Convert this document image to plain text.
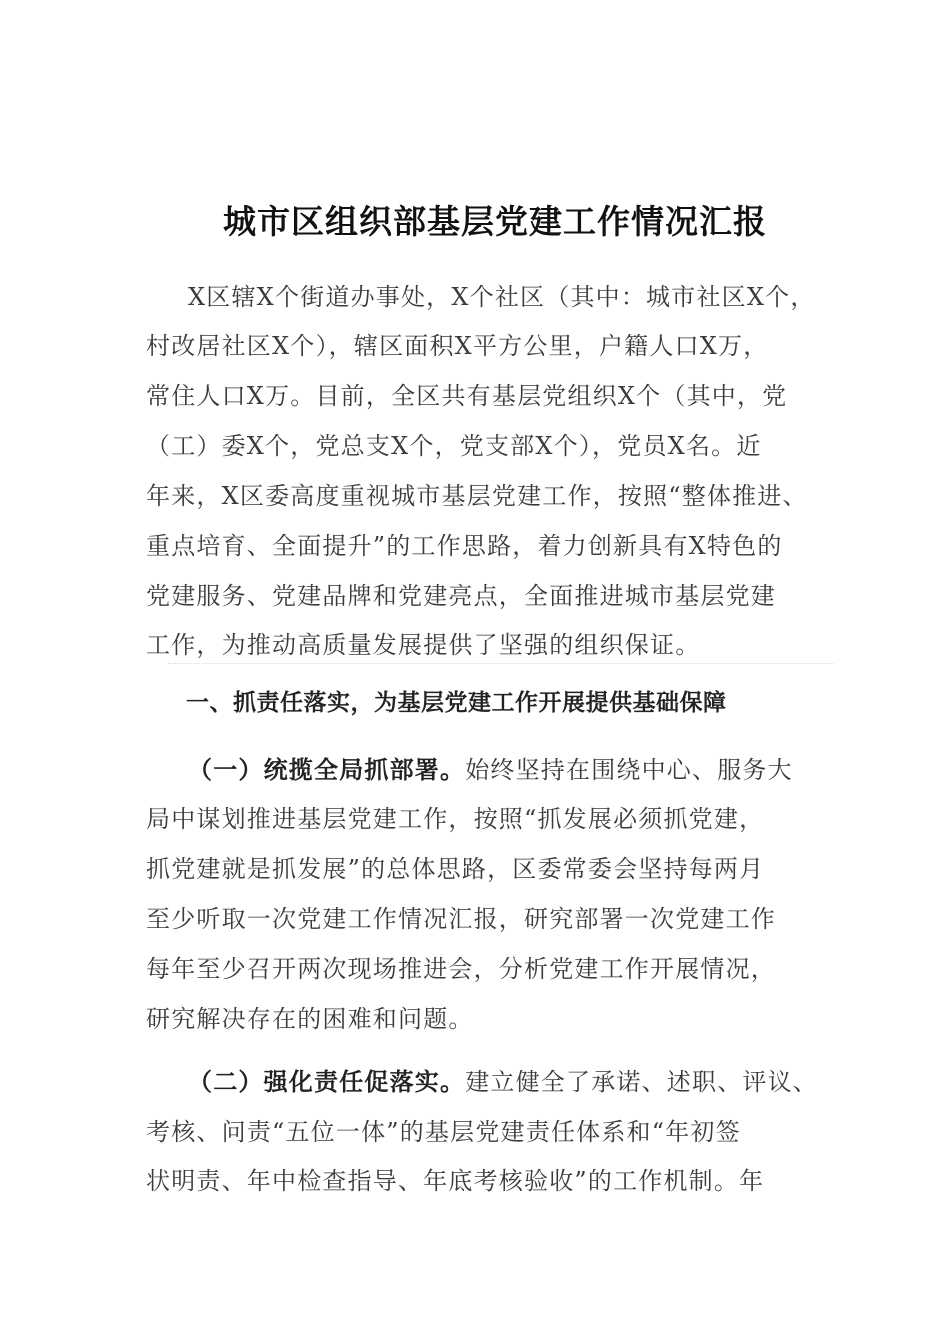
城市区组织部基层党建工作情况汇报
X区辖X个街道办事处，X个社区（其中：城市社区X个，
村改居社区X个），辖区面积X平方公里，户籍人口X万，
常住人口X万。目前，全区共有基层党组织X个（其中，党
（工）委X个，党总支X个，党支部X个），党员X名。近
年来，X区委高度重视城市基层党建工作，按照“整体推进、
重点培育、全面提升”的工作思路，着力创新具有X特色的
党建服务、党建品牌和党建亮点，全面推进城市基层党建
工作，为推动高质量发展提供了坚强的组织保证。
一、抓责任落实，为基层党建工作开展提供基础保障
（一）统揽全局抓部署。始终坚持在围绕中心、服务大
局中谋划推进基层党建工作，按照“抓发展必须抓党建，
抓党建就是抓发展”的总体思路，区委常委会坚持每两月
至少听取一次党建工作情况汇报，研究部署一次党建工作
每年至少召开两次现场推进会，分析党建工作开展情况，
研究解决存在的困难和问题。
（二）强化责任促落实。建立健全了承诺、述职、评议、
考核、问责“五位一体”的基层党建责任体系和“年初签
状明责、年中检查指导、年底考核验收”的工作机制。年
